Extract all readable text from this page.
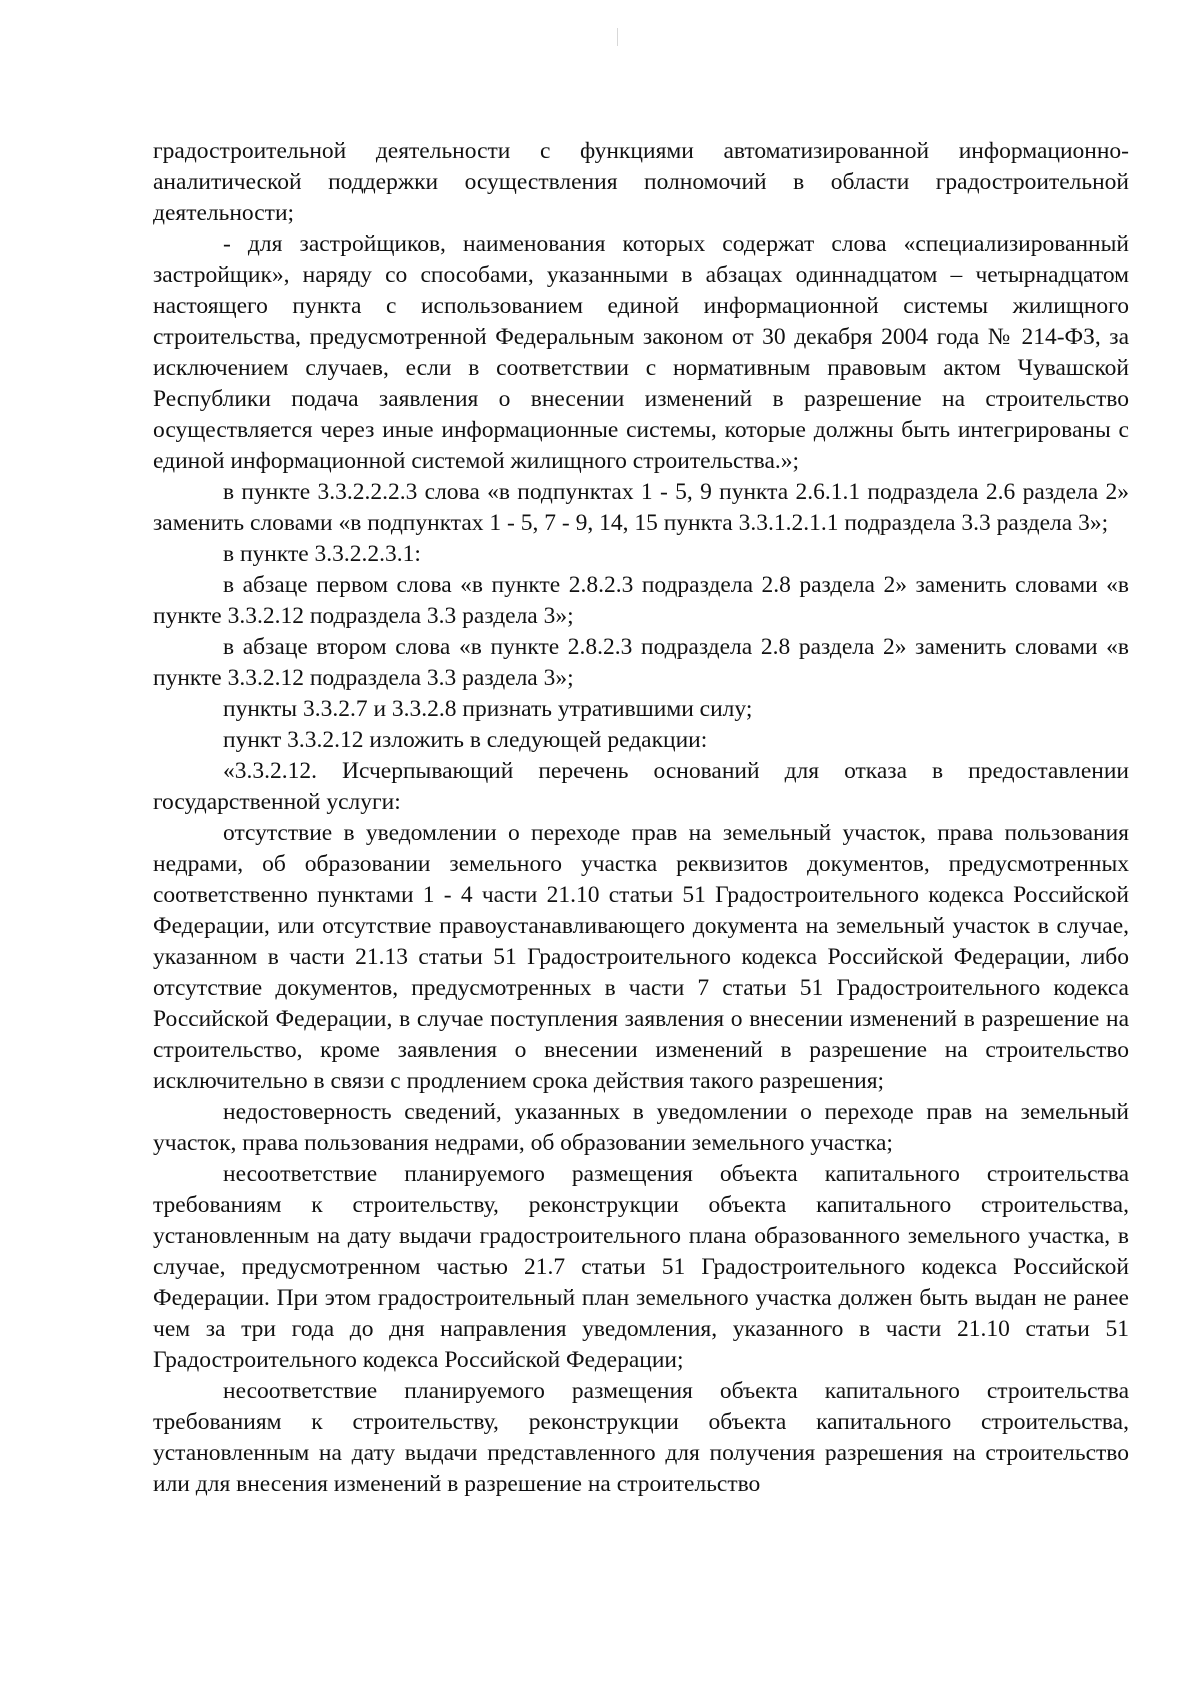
градостроительной деятельности с функциями автоматизированной информационно-аналитической поддержки осуществления полномочий в области градостроительной деятельности;

- для застройщиков, наименования которых содержат слова «специализированный застройщик», наряду со способами, указанными в абзацах одиннадцатом – четырнадцатом настоящего пункта с использованием единой информационной системы жилищного строительства, предусмотренной Федеральным законом от 30 декабря 2004 года № 214-ФЗ, за исключением случаев, если в соответствии с нормативным правовым актом Чувашской Республики подача заявления о внесении изменений в разрешение на строительство осуществляется через иные информационные системы, которые должны быть интегрированы с единой информационной системой жилищного строительства.»;

в пункте 3.3.2.2.2.3 слова «в подпунктах 1 - 5, 9 пункта 2.6.1.1 подраздела 2.6 раздела 2» заменить словами «в подпунктах 1 - 5, 7 - 9, 14, 15 пункта 3.3.1.2.1.1 подраздела 3.3 раздела 3»;

в пункте 3.3.2.2.3.1:

в абзаце первом слова «в пункте 2.8.2.3 подраздела 2.8 раздела 2» заменить словами «в пункте 3.3.2.12 подраздела 3.3 раздела 3»;

в абзаце втором слова «в пункте 2.8.2.3 подраздела 2.8 раздела 2» заменить словами «в пункте 3.3.2.12 подраздела 3.3 раздела 3»;

пункты 3.3.2.7 и 3.3.2.8 признать утратившими силу;

пункт 3.3.2.12 изложить в следующей редакции:

«3.3.2.12. Исчерпывающий перечень оснований для отказа в предоставлении государственной услуги:

отсутствие в уведомлении о переходе прав на земельный участок, права пользования недрами, об образовании земельного участка реквизитов документов, предусмотренных соответственно пунктами 1 - 4 части 21.10 статьи 51 Градостроительного кодекса Российской Федерации, или отсутствие правоустанавливающего документа на земельный участок в случае, указанном в части 21.13 статьи 51 Градостроительного кодекса Российской Федерации, либо отсутствие документов, предусмотренных в части 7 статьи 51 Градостроительного кодекса Российской Федерации, в случае поступления заявления о внесении изменений в разрешение на строительство, кроме заявления о внесении изменений в разрешение на строительство исключительно в связи с продлением срока действия такого разрешения;

недостоверность сведений, указанных в уведомлении о переходе прав на земельный участок, права пользования недрами, об образовании земельного участка;

несоответствие планируемого размещения объекта капитального строительства требованиям к строительству, реконструкции объекта капитального строительства, установленным на дату выдачи градостроительного плана образованного земельного участка, в случае, предусмотренном частью 21.7 статьи 51 Градостроительного кодекса Российской Федерации. При этом градостроительный план земельного участка должен быть выдан не ранее чем за три года до дня направления уведомления, указанного в части 21.10 статьи 51 Градостроительного кодекса Российской Федерации;

несоответствие планируемого размещения объекта капитального строительства требованиям к строительству, реконструкции объекта капитального строительства, установленным на дату выдачи представленного для получения разрешения на строительство или для внесения изменений в разрешение на строительство
